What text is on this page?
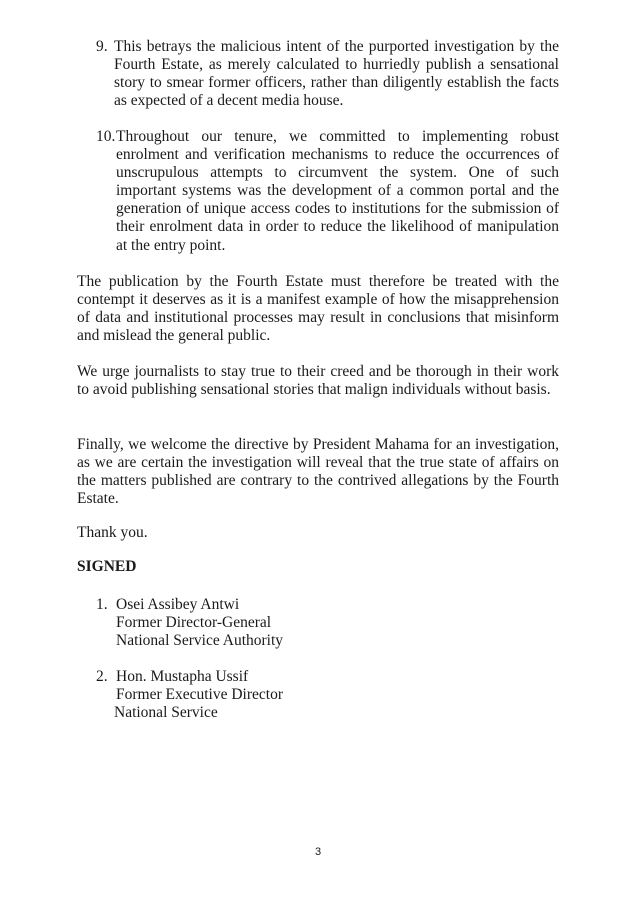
9. This betrays the malicious intent of the purported investigation by the Fourth Estate, as merely calculated to hurriedly publish a sensational story to smear former officers, rather than diligently establish the facts as expected of a decent media house.
10. Throughout our tenure, we committed to implementing robust enrolment and verification mechanisms to reduce the occurrences of unscrupulous attempts to circumvent the system. One of such important systems was the development of a common portal and the generation of unique access codes to institutions for the submission of their enrolment data in order to reduce the likelihood of manipulation at the entry point.
The publication by the Fourth Estate must therefore be treated with the contempt it deserves as it is a manifest example of how the misapprehension of data and institutional processes may result in conclusions that misinform and mislead the general public.
We urge journalists to stay true to their creed and be thorough in their work to avoid publishing sensational stories that malign individuals without basis.
Finally, we welcome the directive by President Mahama for an investigation, as we are certain the investigation will reveal that the true state of affairs on the matters published are contrary to the contrived allegations by the Fourth Estate.
Thank you.
SIGNED
1. Osei Assibey Antwi
Former Director-General
National Service Authority
2. Hon. Mustapha Ussif
Former Executive Director
National Service
3
